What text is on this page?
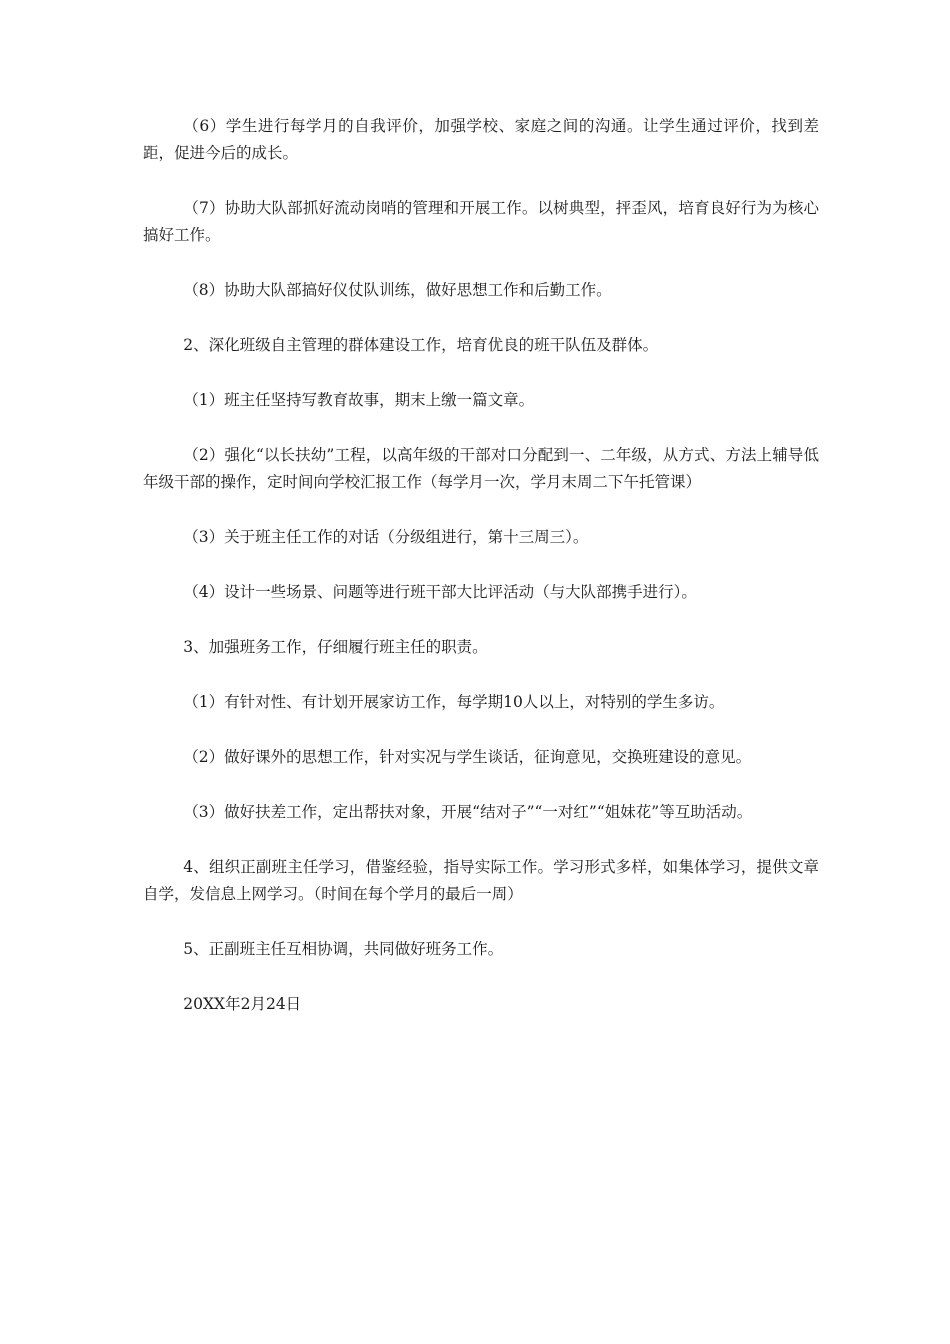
（6）学生进行每学月的自我评价，加强学校、家庭之间的沟通。让学生通过评价，找到差距，促进今后的成长。

（7）协助大队部抓好流动岗哨的管理和开展工作。以树典型，抨歪风，培育良好行为为核心搞好工作。

（8）协助大队部搞好仪仗队训练，做好思想工作和后勤工作。

2、深化班级自主管理的群体建设工作，培育优良的班干队伍及群体。

（1）班主任坚持写教育故事，期末上缴一篇文章。

（2）强化“以长扶幼”工程，以高年级的干部对口分配到一、二年级，从方式、方法上辅导低年级干部的操作，定时间向学校汇报工作（每学月一次，学月末周二下午托管课）

（3）关于班主任工作的对话（分级组进行，第十三周三）。

（4）设计一些场景、问题等进行班干部大比评活动（与大队部携手进行）。

3、加强班务工作，仔细履行班主任的职责。

（1）有针对性、有计划开展家访工作，每学期10人以上，对特别的学生多访。

（2）做好课外的思想工作，针对实况与学生谈话，征询意见，交换班建设的意见。

（3）做好扶差工作，定出帮扶对象，开展“结对子”“一对红”“姐妹花”等互助活动。

4、组织正副班主任学习，借鉴经验，指导实际工作。学习形式多样，如集体学习，提供文章自学，发信息上网学习。（时间在每个学月的最后一周）

5、正副班主任互相协调，共同做好班务工作。

20XX年2月24日
